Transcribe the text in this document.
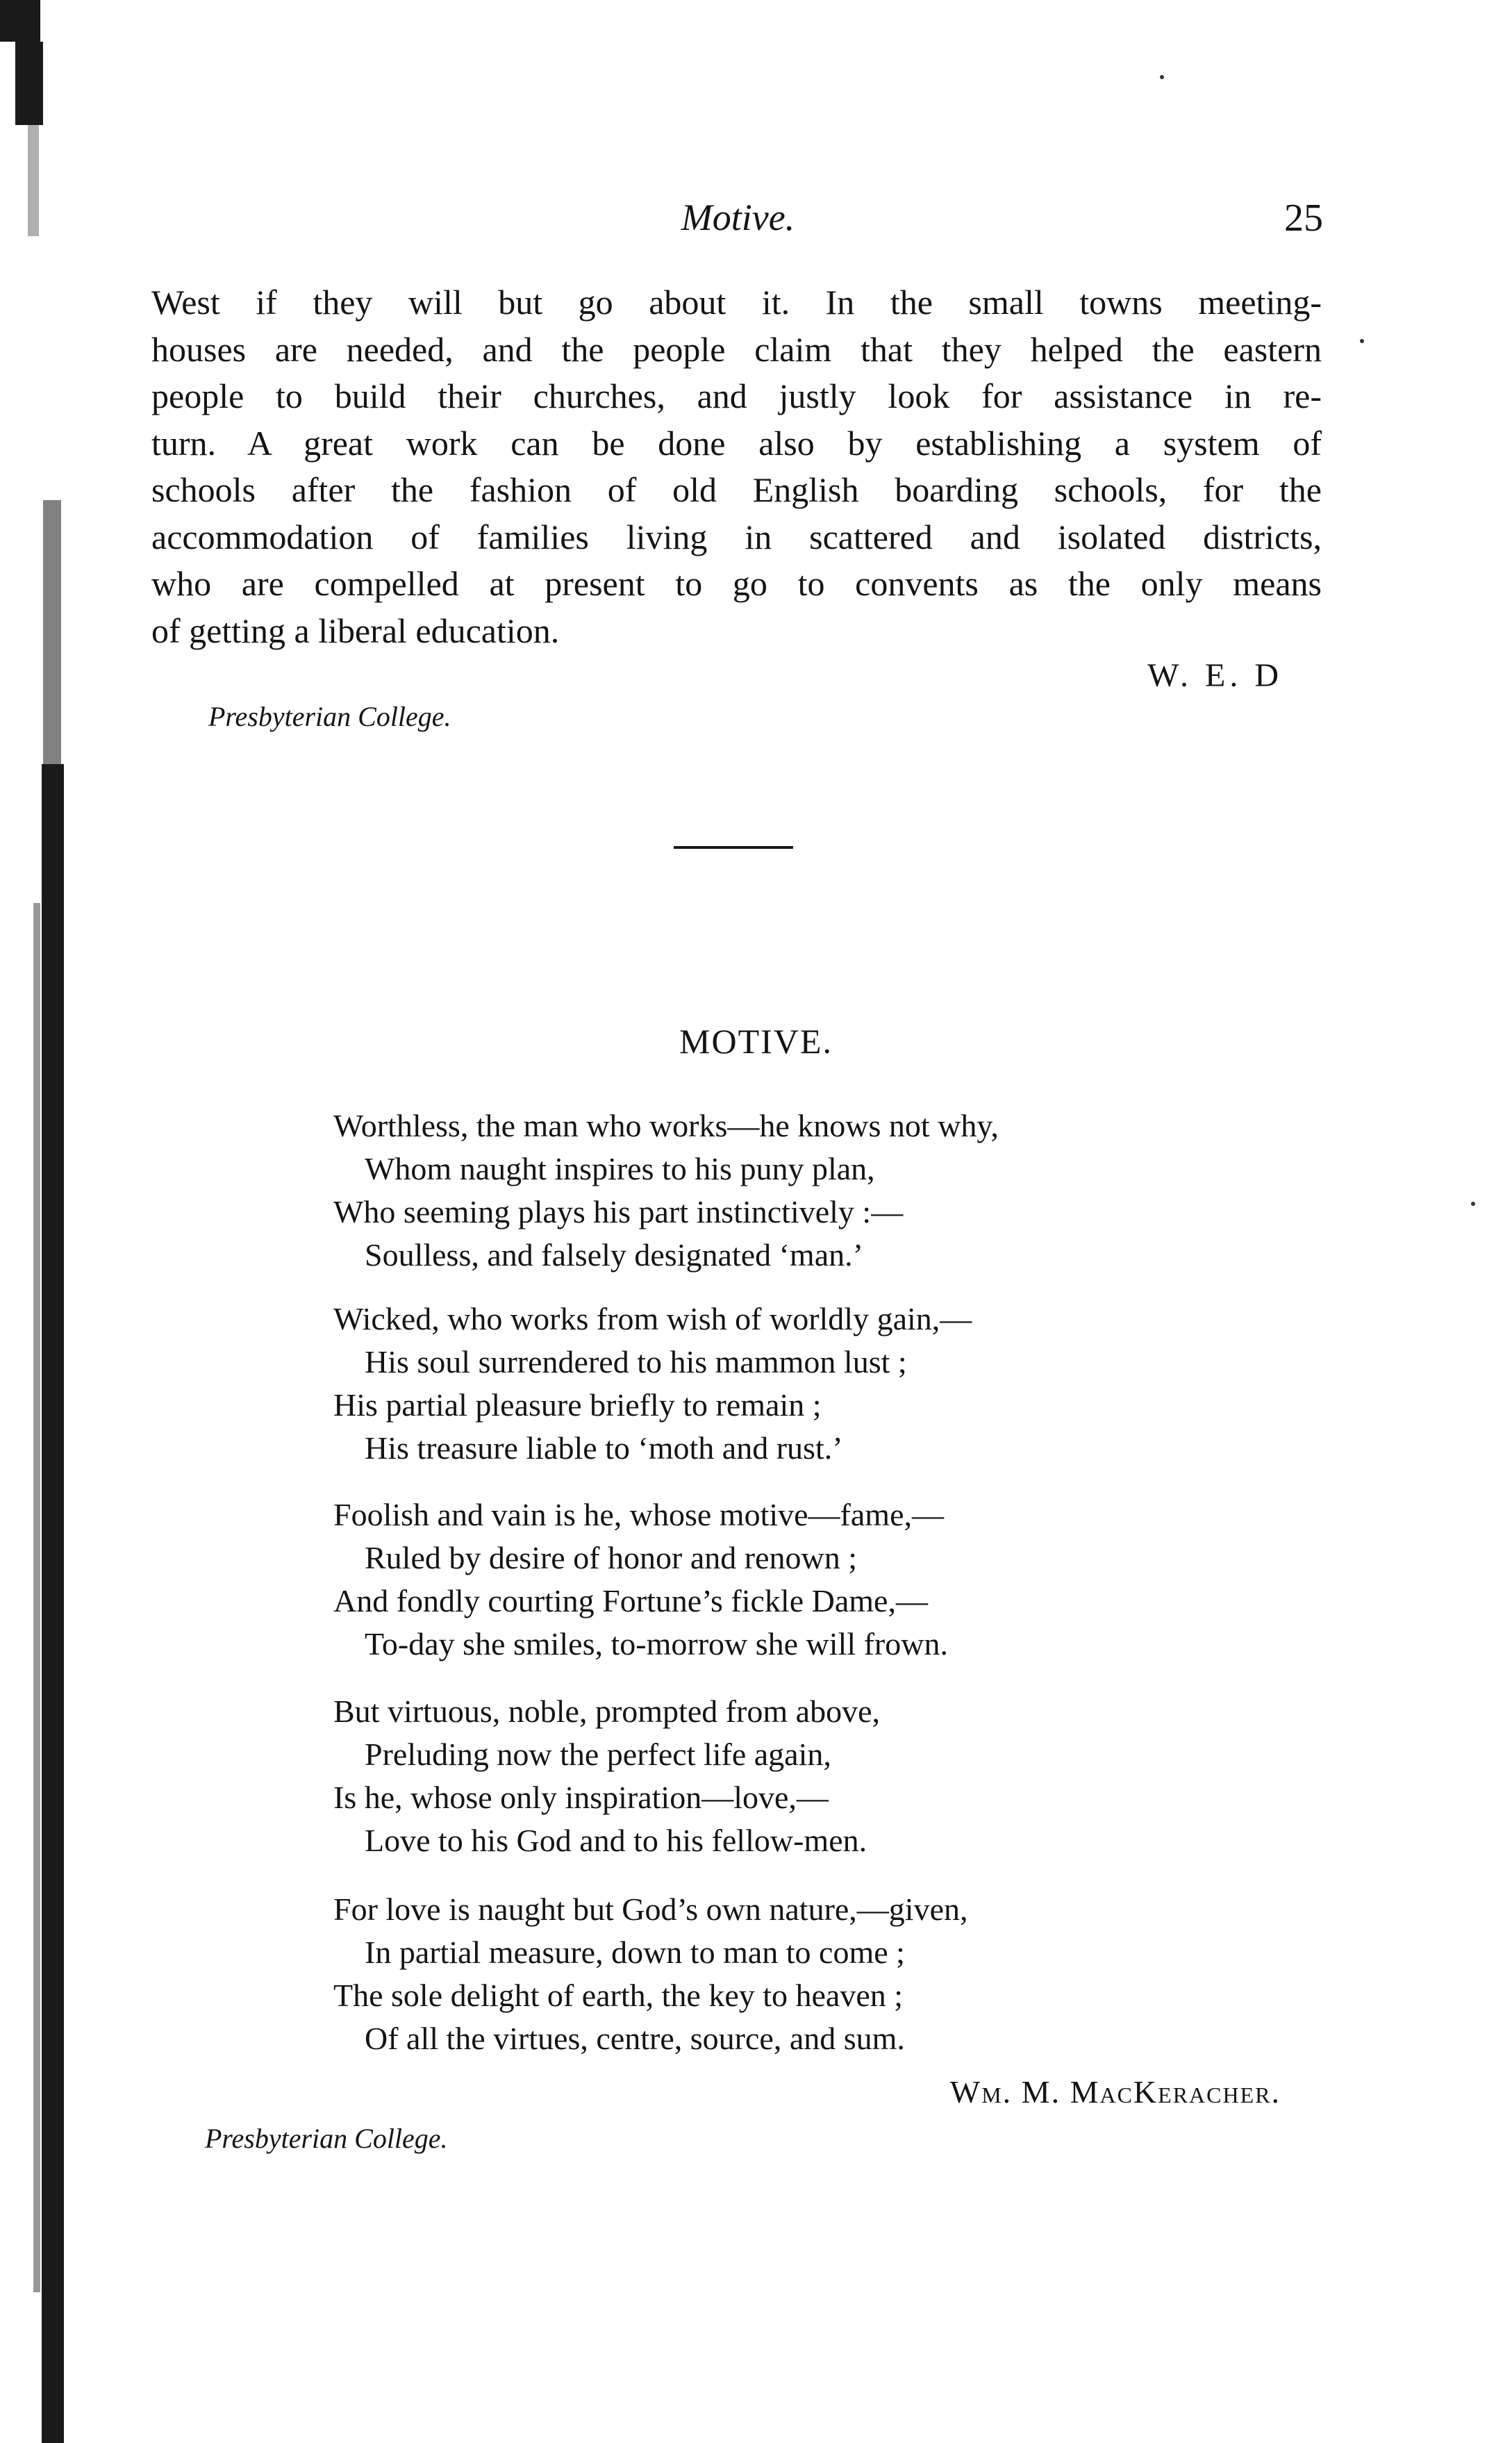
Motive.	25
West if they will but go about it. In the small towns meeting-
houses are needed, and the people claim that they helped the eastern
people to build their churches, and justly look for assistance in re-
turn. A great work can be done also by establishing a system of
schools after the fashion of old English boarding schools, for the
accommodation of families living in scattered and isolated districts,
who are compelled at present to go to convents as the only means
of getting a liberal education.
W. E. D
Presbyterian College.
MOTIVE.
Worthless, the man who works—he knows not why,
Whom naught inspires to his puny plan,
Who seeming plays his part instinctively :—
Soulless, and falsely designated ‘man.’
Wicked, who works from wish of worldly gain,—
His soul surrendered to his mammon lust ;
His partial pleasure briefly to remain ;
His treasure liable to ‘moth and rust.’
Foolish and vain is he, whose motive—fame,—
Ruled by desire of honor and renown ;
And fondly courting Fortune’s fickle Dame,—
To-day she smiles, to-morrow she will frown.
But virtuous, noble, prompted from above,
Preluding now the perfect life again,
Is he, whose only inspiration—love,—
Love to his God and to his fellow-men.
For love is naught but God’s own nature,—given,
In partial measure, down to man to come ;
The sole delight of earth, the key to heaven ;
Of all the virtues, centre, source, and sum.
Wm. M. MacKeracher.
Presbyterian College.
